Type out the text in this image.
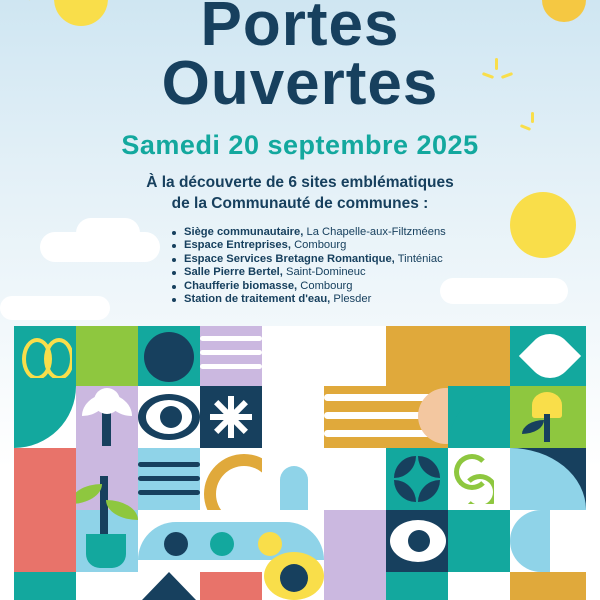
Portes
Ouvertes
Samedi 20 septembre 2025
À la découverte de 6 sites emblématiques
de la Communauté de communes :
Siège communautaire, La Chapelle-aux-Filtzméens
Espace Entreprises, Combourg
Espace Services Bretagne Romantique, Tinténiac
Salle Pierre Bertel, Saint-Domineuc
Chaufferie biomasse, Combourg
Station de traitement d'eau, Plesder
